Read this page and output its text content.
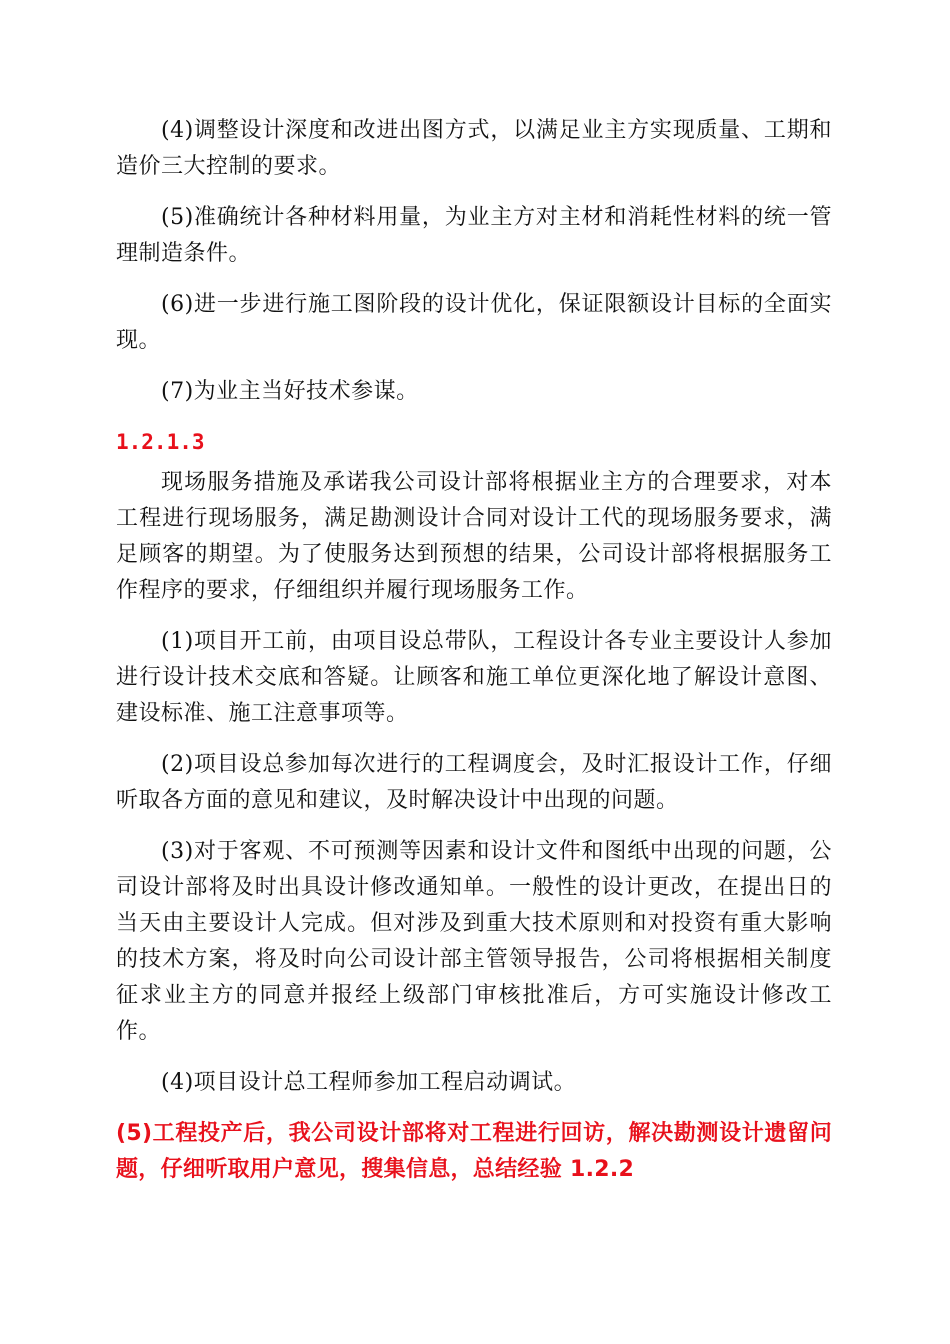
(4)调整设计深度和改进出图方式，以满足业主方实现质量、工期和造价三大控制的要求。

(5)准确统计各种材料用量，为业主方对主材和消耗性材料的统一管理制造条件。

(6)进一步进行施工图阶段的设计优化，保证限额设计目标的全面实现。

(7)为业主当好技术参谋。

1.2.1.3

现场服务措施及承诺我公司设计部将根据业主方的合理要求，对本工程进行现场服务，满足勘测设计合同对设计工代的现场服务要求，满足顾客的期望。为了使服务达到预想的结果，公司设计部将根据服务工作程序的要求，仔细组织并履行现场服务工作。

(1)项目开工前，由项目设总带队，工程设计各专业主要设计人参加进行设计技术交底和答疑。让顾客和施工单位更深化地了解设计意图、建设标准、施工注意事项等。

(2)项目设总参加每次进行的工程调度会，及时汇报设计工作，仔细听取各方面的意见和建议，及时解决设计中出现的问题。

(3)对于客观、不可预测等因素和设计文件和图纸中出现的问题，公司设计部将及时出具设计修改通知单。一般性的设计更改，在提出日的当天由主要设计人完成。但对涉及到重大技术原则和对投资有重大影响的技术方案，将及时向公司设计部主管领导报告，公司将根据相关制度征求业主方的同意并报经上级部门审核批准后，方可实施设计修改工作。

(4)项目设计总工程师参加工程启动调试。

(5)工程投产后，我公司设计部将对工程进行回访，解决勘测设计遗留问题，仔细听取用户意见，搜集信息，总结经验 1.2.2
